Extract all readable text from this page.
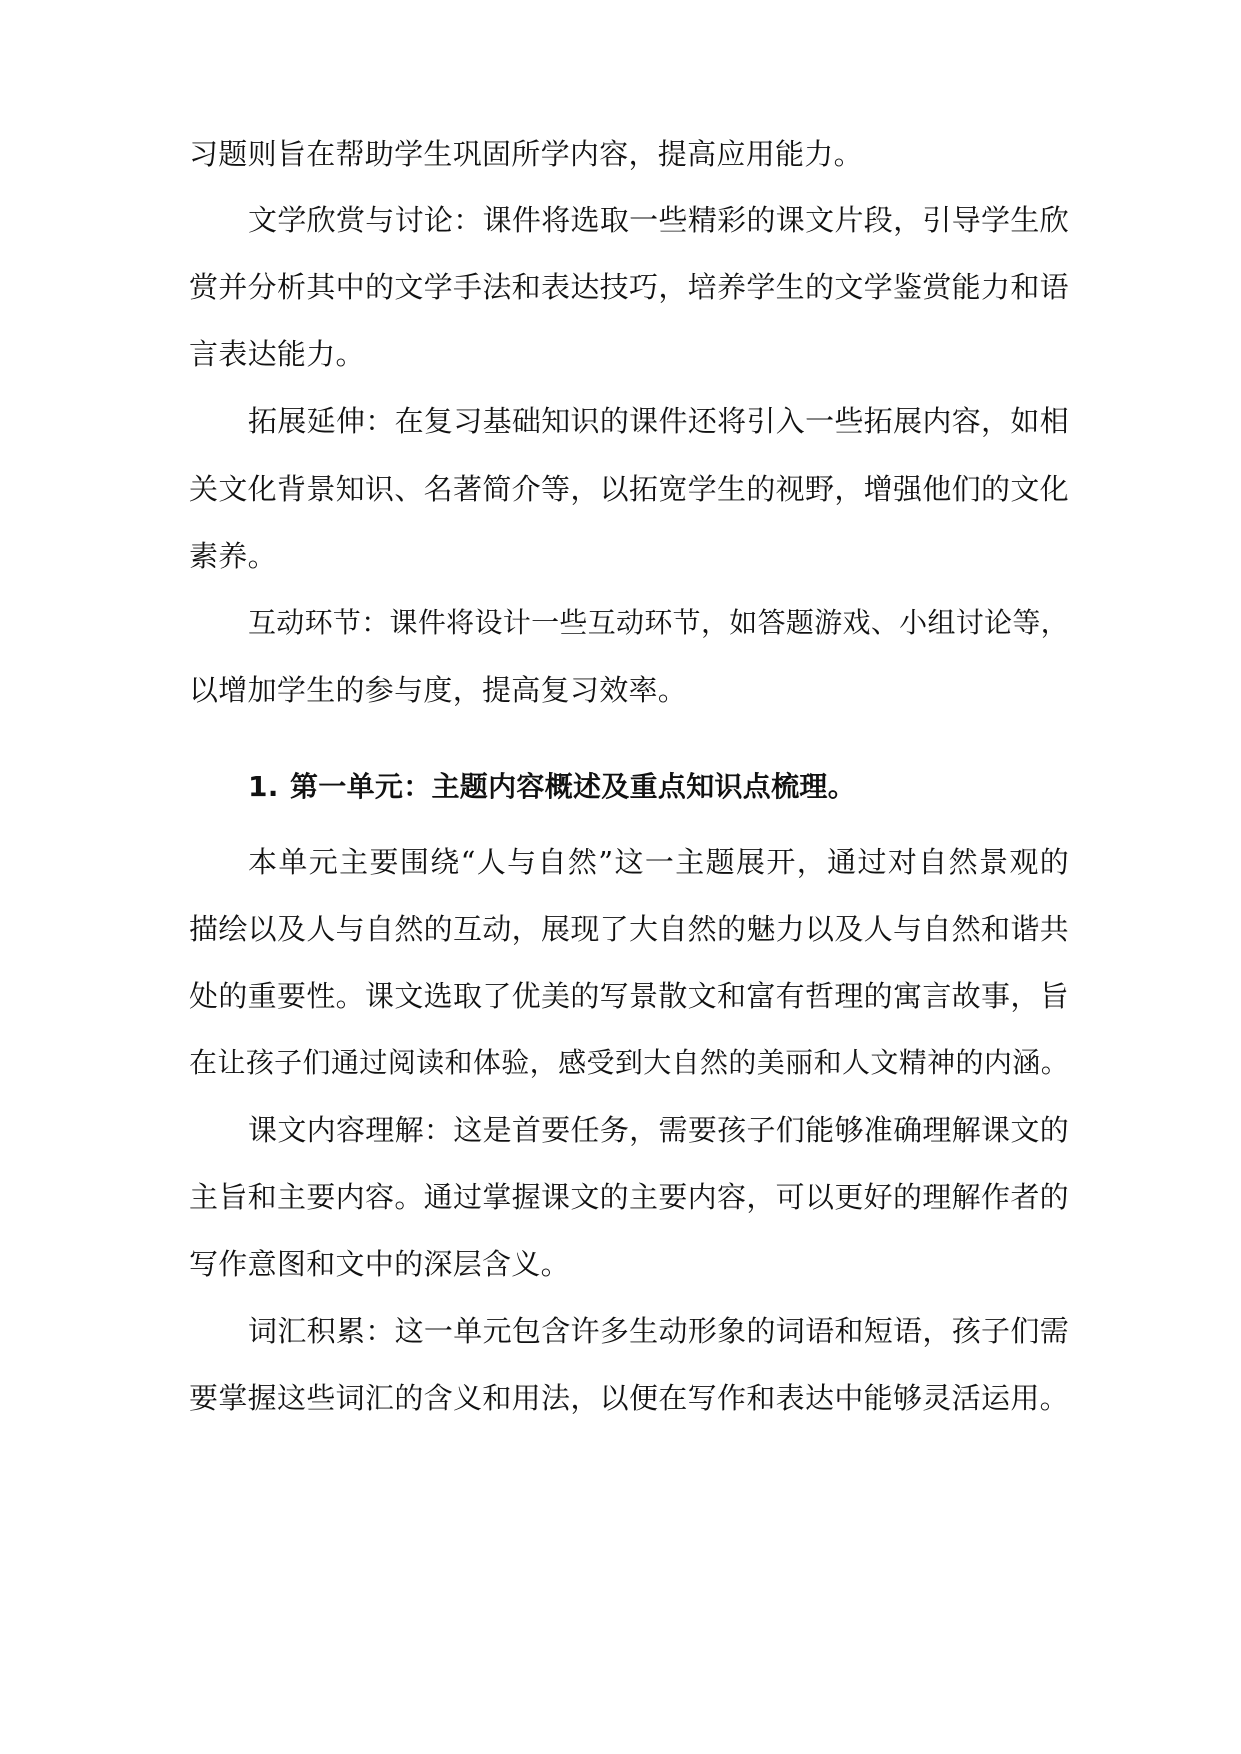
习题则旨在帮助学生巩固所学内容，提高应用能力。
文学欣赏与讨论：课件将选取一些精彩的课文片段，引导学生欣
赏并分析其中的文学手法和表达技巧，培养学生的文学鉴赏能力和语
言表达能力。
拓展延伸：在复习基础知识的课件还将引入一些拓展内容，如相
关文化背景知识、名著简介等，以拓宽学生的视野，增强他们的文化
素养。
互动环节：课件将设计一些互动环节，如答题游戏、小组讨论等，
以增加学生的参与度，提高复习效率。
1. 第一单元：主题内容概述及重点知识点梳理。
本单元主要围绕“人与自然”这一主题展开，通过对自然景观的
描绘以及人与自然的互动，展现了大自然的魅力以及人与自然和谐共
处的重要性。课文选取了优美的写景散文和富有哲理的寓言故事，旨
在让孩子们通过阅读和体验，感受到大自然的美丽和人文精神的内涵。
课文内容理解：这是首要任务，需要孩子们能够准确理解课文的
主旨和主要内容。通过掌握课文的主要内容，可以更好的理解作者的
写作意图和文中的深层含义。
词汇积累：这一单元包含许多生动形象的词语和短语，孩子们需
要掌握这些词汇的含义和用法，以便在写作和表达中能够灵活运用。
